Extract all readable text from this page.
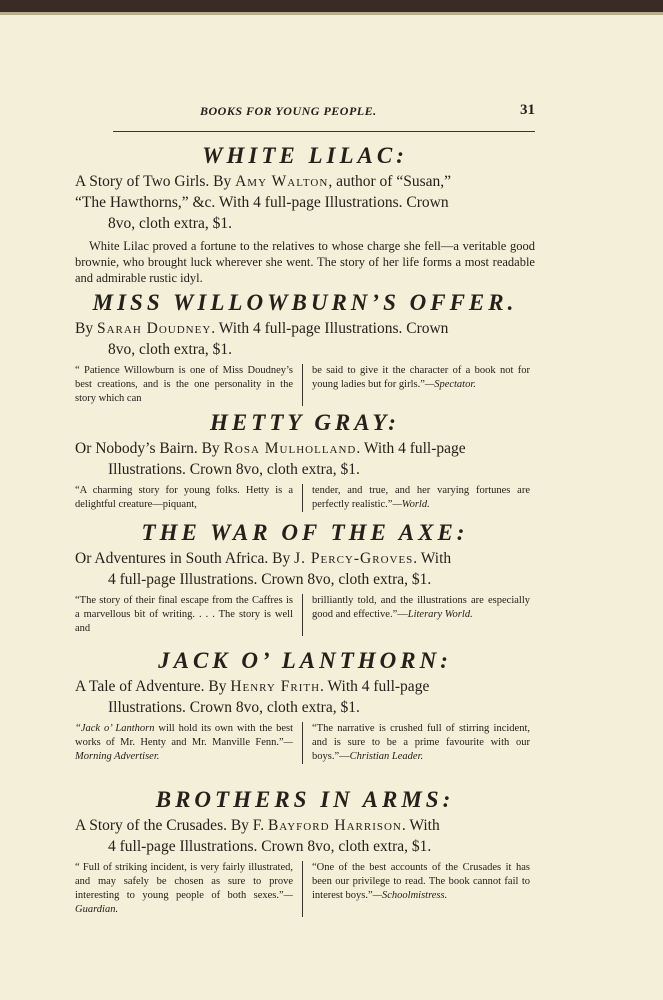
BOOKS FOR YOUNG PEOPLE.	31
WHITE LILAC:
A Story of Two Girls. By Amy Walton, author of “Susan,”
“The Hawthorns,” &c. With 4 full-page Illustrations. Crown
8vo, cloth extra, $1.

White Lilac proved a fortune to the relatives to whose charge she fell—a veritable good brownie, who brought luck wherever she went. The story of her life forms a most readable and admirable rustic idyl.

MISS WILLOWBURN’S OFFER.
By Sarah Doudney. With 4 full-page Illustrations. Crown
8vo, cloth extra, $1.
“ Patience Willowburn is one of Miss Doudney’s best creations, and is the one personality in the story which can
be said to give it the character of a book not for young ladies but for girls.”—Spectator.
HETTY GRAY:
Or Nobody’s Bairn. By Rosa Mulholland. With 4 full-page
Illustrations. Crown 8vo, cloth extra, $1.
“A charming story for young folks. Hetty is a delightful creature—piquant,
tender, and true, and her varying fortunes are perfectly realistic.”—World.
THE WAR OF THE AXE:
Or Adventures in South Africa. By J. Percy-Groves. With
4 full-page Illustrations. Crown 8vo, cloth extra, $1.
“The story of their final escape from the Caffres is a marvellous bit of writing. . . . The story is well and
brilliantly told, and the illustrations are especially good and effective.”—Literary World.
JACK O’ LANTHORN:
A Tale of Adventure. By Henry Frith. With 4 full-page
Illustrations. Crown 8vo, cloth extra, $1.
“Jack o’ Lanthorn will hold its own with the best works of Mr. Henty and Mr. Manville Fenn.”—Morning Advertiser.
“The narrative is crushed full of stirring incident, and is sure to be a prime favourite with our boys.”—Christian Leader.
BROTHERS IN ARMS:
A Story of the Crusades. By F. Bayford Harrison. With
4 full-page Illustrations. Crown 8vo, cloth extra, $1.
“ Full of striking incident, is very fairly illustrated, and may safely be chosen as sure to prove interesting to young people of both sexes.”—Guardian.
“One of the best accounts of the Crusades it has been our privilege to read. The book cannot fail to interest boys.”—Schoolmistress.
